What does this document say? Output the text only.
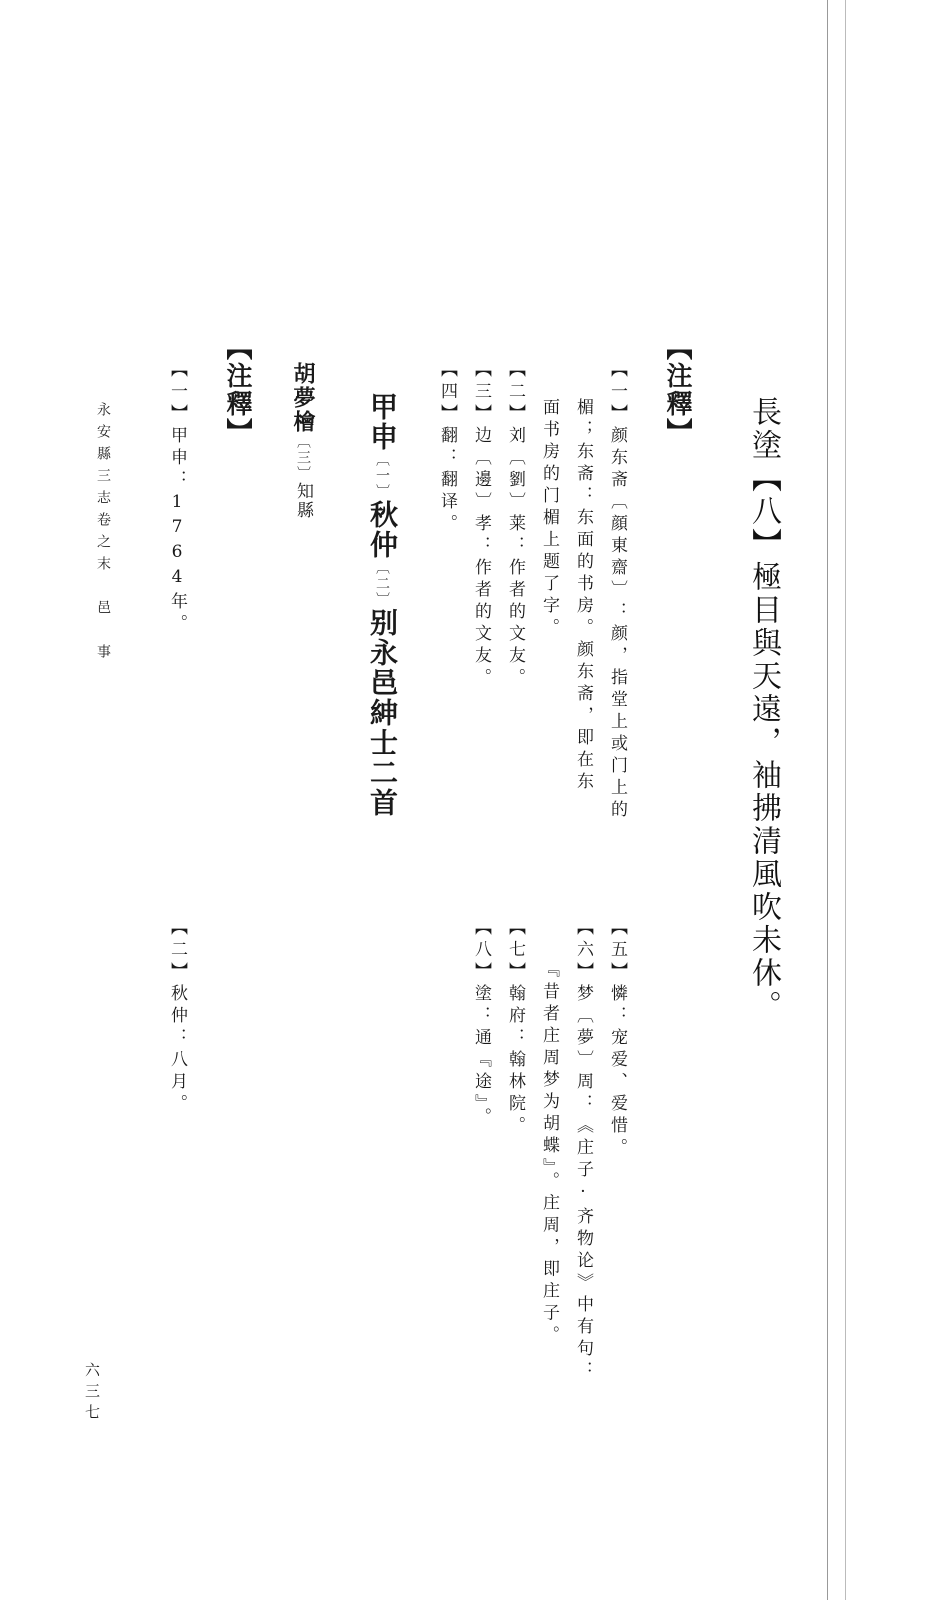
長塗【八】極目與天遠，袖拂清風吹未休。
【注釋】
【一】颜东斋〔顔東齋〕：颜，指堂上或门上的
楣；东斋：东面的书房。颜东斋，即在东
面书房的门楣上题了字。
【二】刘〔劉〕莱：作者的文友。
【三】边〔邊〕孝：作者的文友。
【四】翻：翻译。
【五】憐：宠爱、爱惜。
【六】梦〔夢〕周：《庄子·齐物论》中有句：
『昔者庄周梦为胡蝶』。庄周，即庄子。
【七】翰府：翰林院。
【八】塗：通『途』。
甲申〔一〕秋仲〔二〕别永邑紳士二首
胡夢檜〔三〕知縣
【注釋】
【一】甲申：1764年。
【二】秋仲：八月。
永安縣三志卷之末　邑　事
六三七
